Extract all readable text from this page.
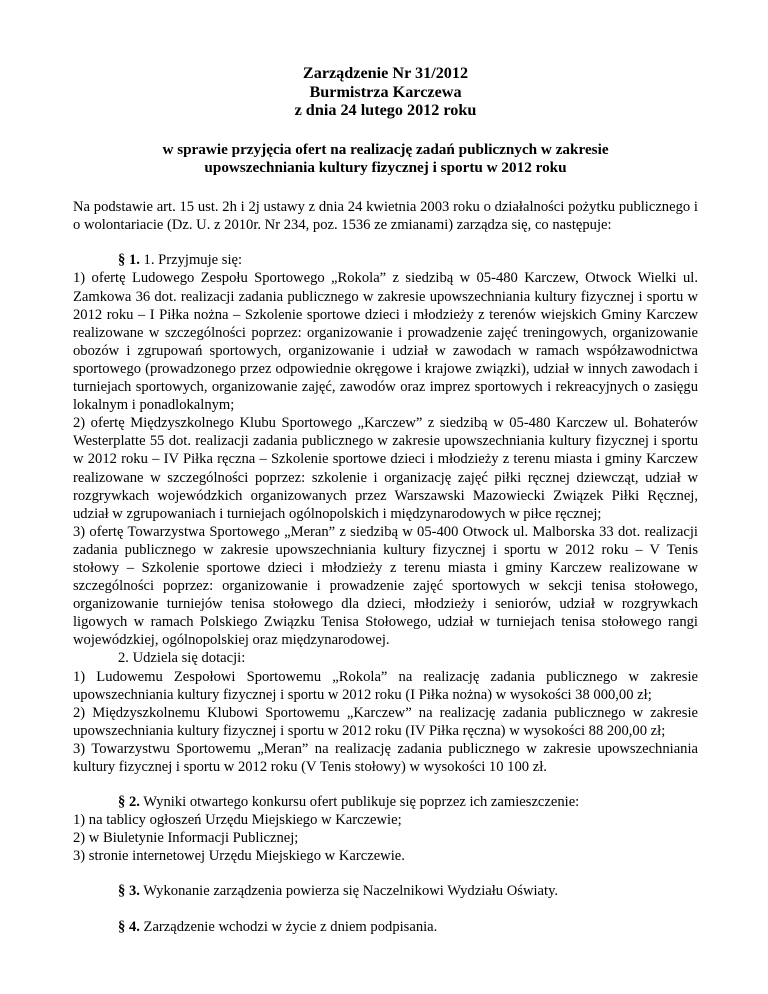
Zarządzenie Nr 31/2012
Burmistrza Karczewa
z dnia 24 lutego 2012 roku

w sprawie przyjęcia ofert na realizację zadań publicznych w zakresie upowszechniania kultury fizycznej i sportu w 2012 roku

Na podstawie art. 15 ust. 2h i 2j ustawy z dnia 24 kwietnia 2003 roku o działalności pożytku publicznego i o wolontariacie (Dz. U. z 2010r. Nr 234, poz. 1536 ze zmianami) zarządza się, co następuje:

§ 1. 1. Przyjmuje się:

1) ofertę Ludowego Zespołu Sportowego „Rokola” z siedzibą w 05-480 Karczew, Otwock Wielki ul. Zamkowa 36 dot. realizacji zadania publicznego w zakresie upowszechniania kultury fizycznej i sportu w 2012 roku – I Piłka nożna – Szkolenie sportowe dzieci i młodzieży z terenów wiejskich Gminy Karczew realizowane w szczególności poprzez: organizowanie i prowadzenie zajęć treningowych, organizowanie obozów i zgrupowań sportowych, organizowanie i udział w zawodach w ramach współzawodnictwa sportowego (prowadzonego przez odpowiednie okręgowe i krajowe związki), udział w innych zawodach i turniejach sportowych, organizowanie zajęć, zawodów oraz imprez sportowych i rekreacyjnych o zasięgu lokalnym i ponadlokalnym;

2) ofertę Międzyszkolnego Klubu Sportowego „Karczew” z siedzibą w 05-480 Karczew ul. Bohaterów Westerplatte 55 dot. realizacji zadania publicznego w zakresie upowszechniania kultury fizycznej i sportu w 2012 roku – IV Piłka ręczna – Szkolenie sportowe dzieci i młodzieży z terenu miasta i gminy Karczew realizowane w szczególności poprzez: szkolenie i organizację zajęć piłki ręcznej dziewcząt, udział w rozgrywkach wojewódzkich organizowanych przez Warszawski Mazowiecki Związek Piłki Ręcznej, udział w zgrupowaniach i turniejach ogólnopolskich i międzynarodowych w piłce ręcznej;

3) ofertę Towarzystwa Sportowego „Meran” z siedzibą w 05-400 Otwock ul. Malborska 33 dot. realizacji zadania publicznego w zakresie upowszechniania kultury fizycznej i sportu w 2012 roku – V Tenis stołowy – Szkolenie sportowe dzieci i młodzieży z terenu miasta i gminy Karczew realizowane w szczególności poprzez: organizowanie i prowadzenie zajęć sportowych w sekcji tenisa stołowego, organizowanie turniejów tenisa stołowego dla dzieci, młodzieży i seniorów, udział w rozgrywkach ligowych w ramach Polskiego Związku Tenisa Stołowego, udział w turniejach tenisa stołowego rangi wojewódzkiej, ogólnopolskiej oraz międzynarodowej.

2. Udziela się dotacji:

1) Ludowemu Zespołowi Sportowemu „Rokola” na realizację zadania publicznego w zakresie upowszechniania kultury fizycznej i sportu w 2012 roku (I Piłka nożna) w wysokości 38 000,00 zł;

2) Międzyszkolnemu Klubowi Sportowemu „Karczew” na realizację zadania publicznego w zakresie upowszechniania kultury fizycznej i sportu w 2012 roku (IV Piłka ręczna) w wysokości 88 200,00 zł;

3) Towarzystwu Sportowemu „Meran” na realizację zadania publicznego w zakresie upowszechniania kultury fizycznej i sportu w 2012 roku (V Tenis stołowy) w wysokości 10 100 zł.

§ 2. Wyniki otwartego konkursu ofert publikuje się poprzez ich zamieszczenie:

1) na tablicy ogłoszeń Urzędu Miejskiego w Karczewie;

2) w Biuletynie Informacji Publicznej;

3) stronie internetowej Urzędu Miejskiego w Karczewie.

§ 3. Wykonanie zarządzenia powierza się Naczelnikowi Wydziału Oświaty.

§ 4. Zarządzenie wchodzi w życie z dniem podpisania.
